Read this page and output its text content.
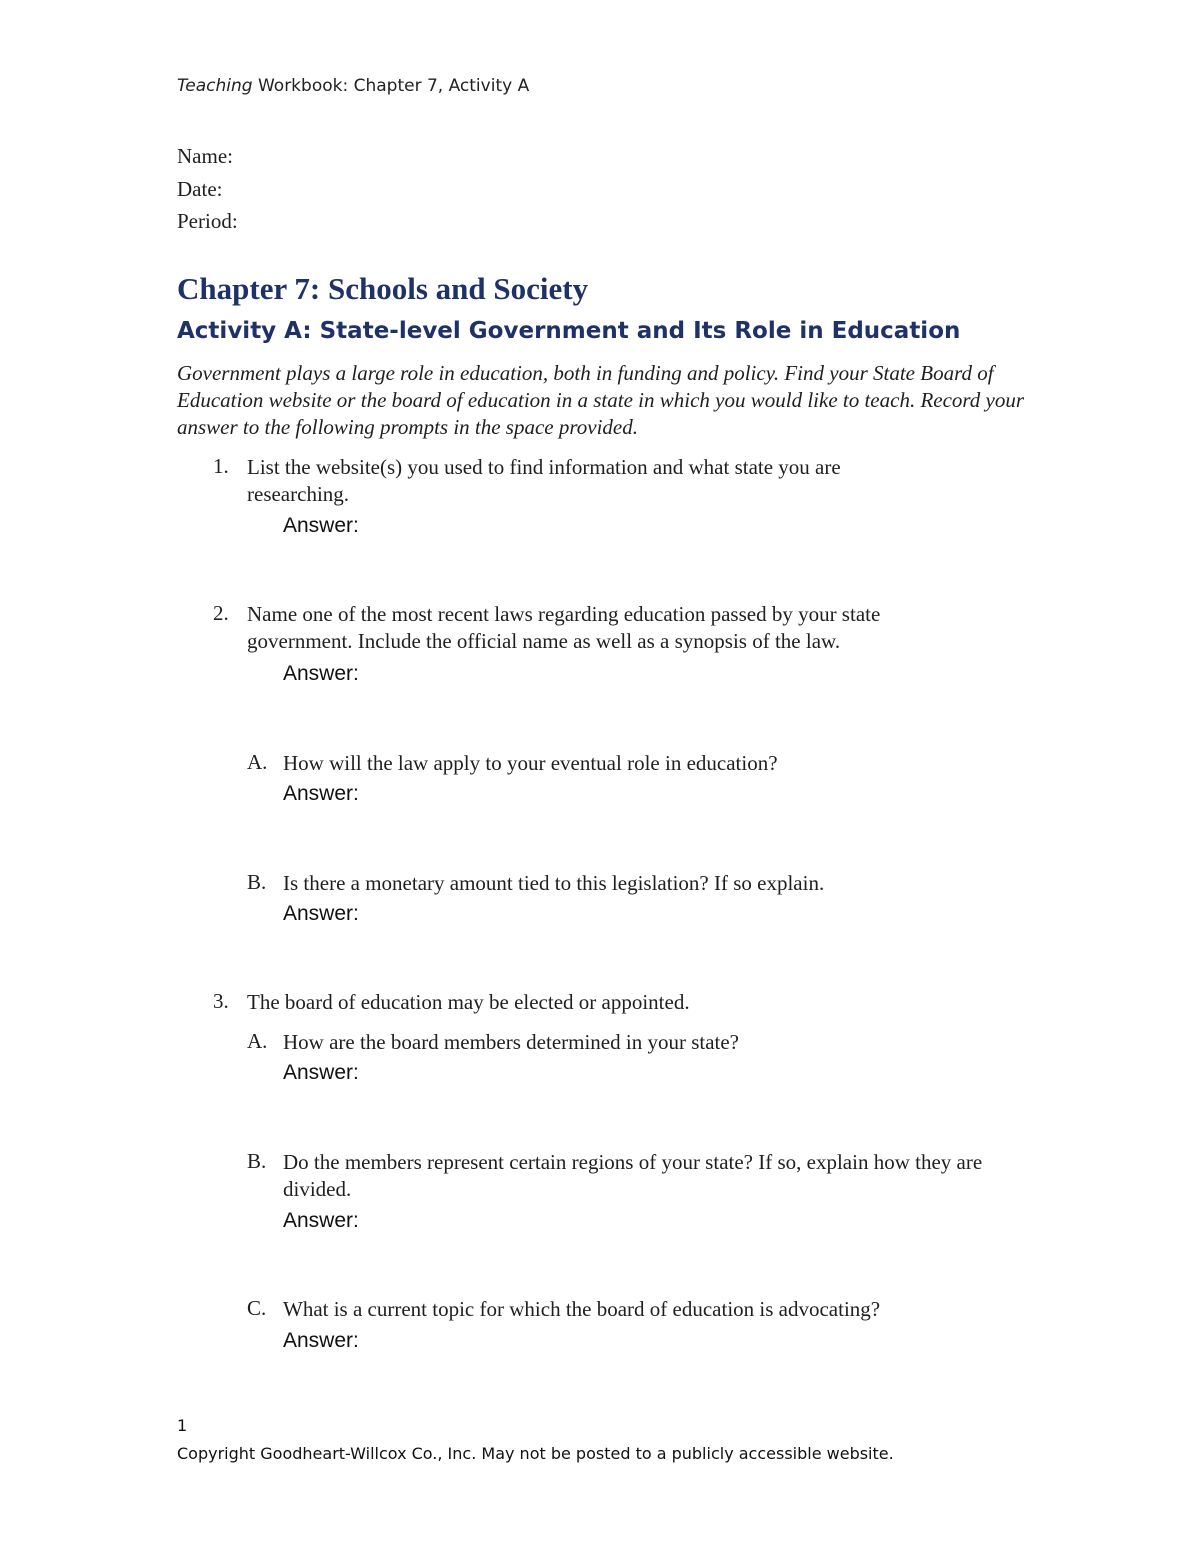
Teaching Workbook: Chapter 7, Activity A
Name:
Date:
Period:
Chapter 7: Schools and Society
Activity A: State-level Government and Its Role in Education
Government plays a large role in education, both in funding and policy. Find your State Board of Education website or the board of education in a state in which you would like to teach. Record your answer to the following prompts in the space provided.
1. List the website(s) you used to find information and what state you are researching.
Answer:
2. Name one of the most recent laws regarding education passed by your state government. Include the official name as well as a synopsis of the law.
Answer:
A. How will the law apply to your eventual role in education?
Answer:
B. Is there a monetary amount tied to this legislation? If so explain.
Answer:
3. The board of education may be elected or appointed.
A. How are the board members determined in your state?
Answer:
B. Do the members represent certain regions of your state? If so, explain how they are divided.
Answer:
C. What is a current topic for which the board of education is advocating?
Answer:
1
Copyright Goodheart-Willcox Co., Inc. May not be posted to a publicly accessible website.
